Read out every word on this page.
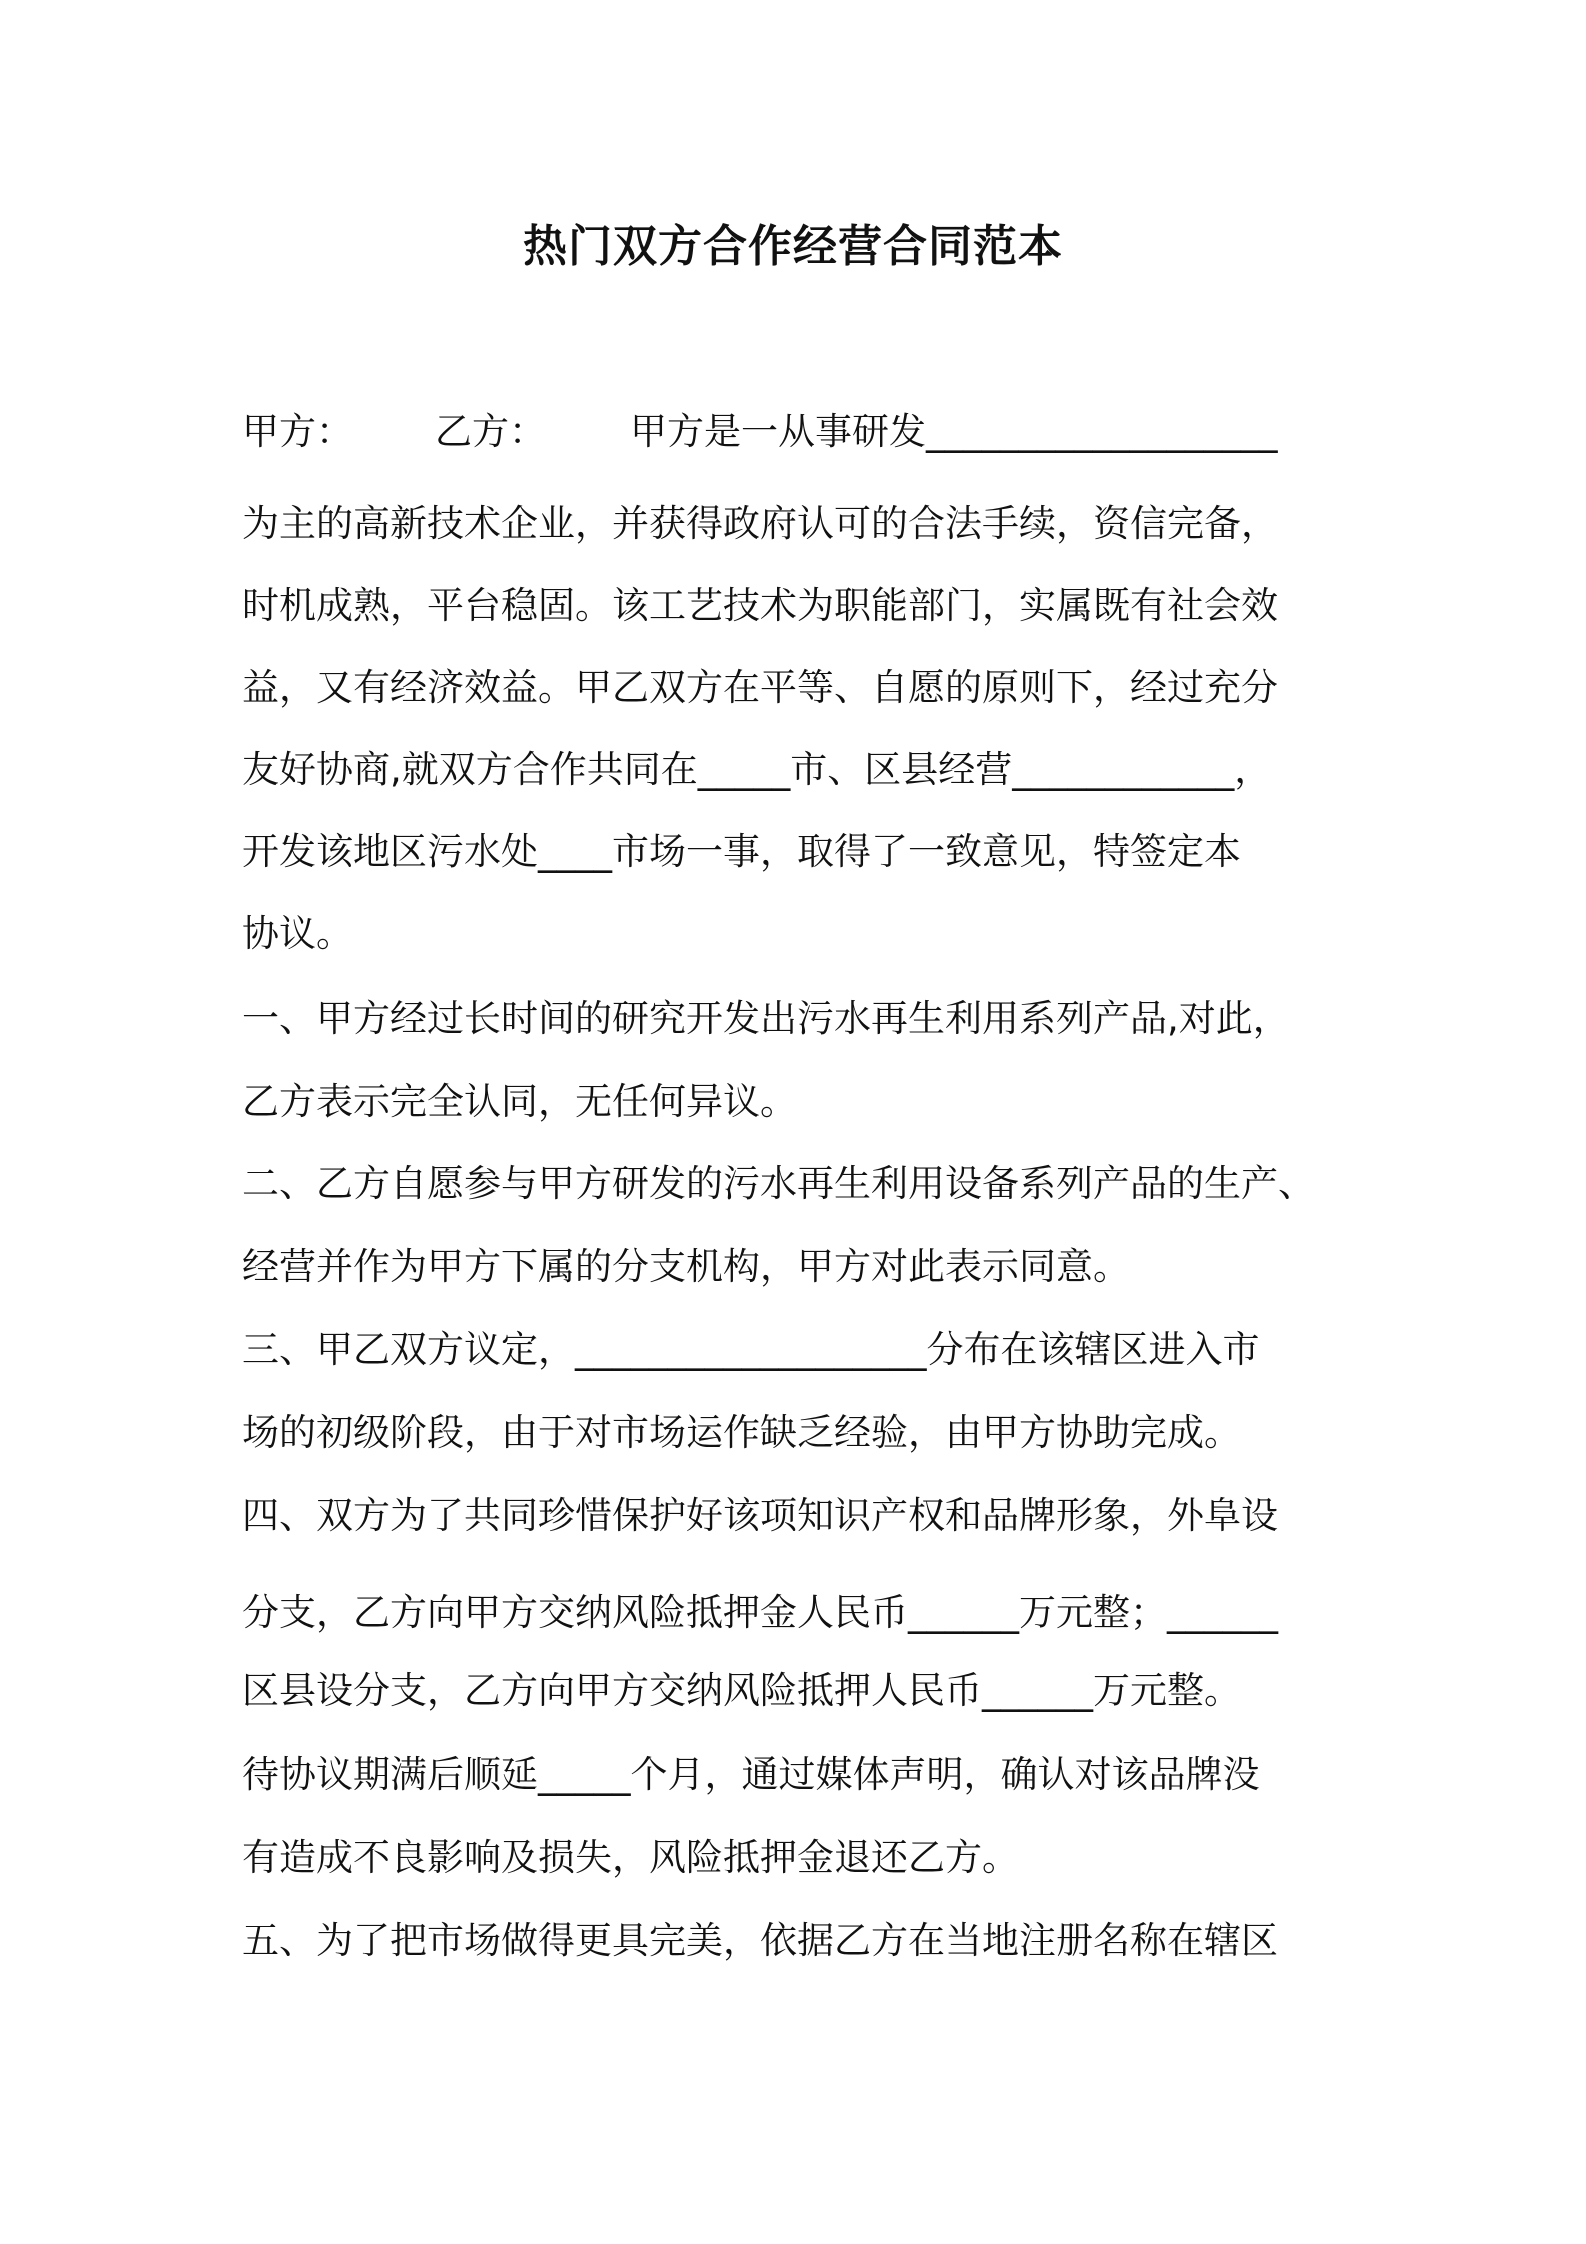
热门双方合作经营合同范本
甲方： 乙方： 甲方是一从事研发___________________
为主的高新技术企业，并获得政府认可的合法手续，资信完备，
时机成熟，平台稳固。该工艺技术为职能部门，实属既有社会效
益，又有经济效益。甲乙双方在平等、自愿的原则下，经过充分
友好协商,就双方合作共同在_____市、区县经营____________，
开发该地区污水处____市场一事，取得了一致意见，特签定本
协议。
一、甲方经过长时间的研究开发出污水再生利用系列产品,对此，
乙方表示完全认同，无任何异议。
二、乙方自愿参与甲方研发的污水再生利用设备系列产品的生产、
经营并作为甲方下属的分支机构，甲方对此表示同意。
三、甲乙双方议定，___________________分布在该辖区进入市
场的初级阶段，由于对市场运作缺乏经验，由甲方协助完成。
四、双方为了共同珍惜保护好该项知识产权和品牌形象，外阜设
分支，乙方向甲方交纳风险抵押金人民币______万元整；______
区县设分支，乙方向甲方交纳风险抵押人民币______万元整。
待协议期满后顺延_____个月，通过媒体声明，确认对该品牌没
有造成不良影响及损失，风险抵押金退还乙方。
五、为了把市场做得更具完美，依据乙方在当地注册名称在辖区
